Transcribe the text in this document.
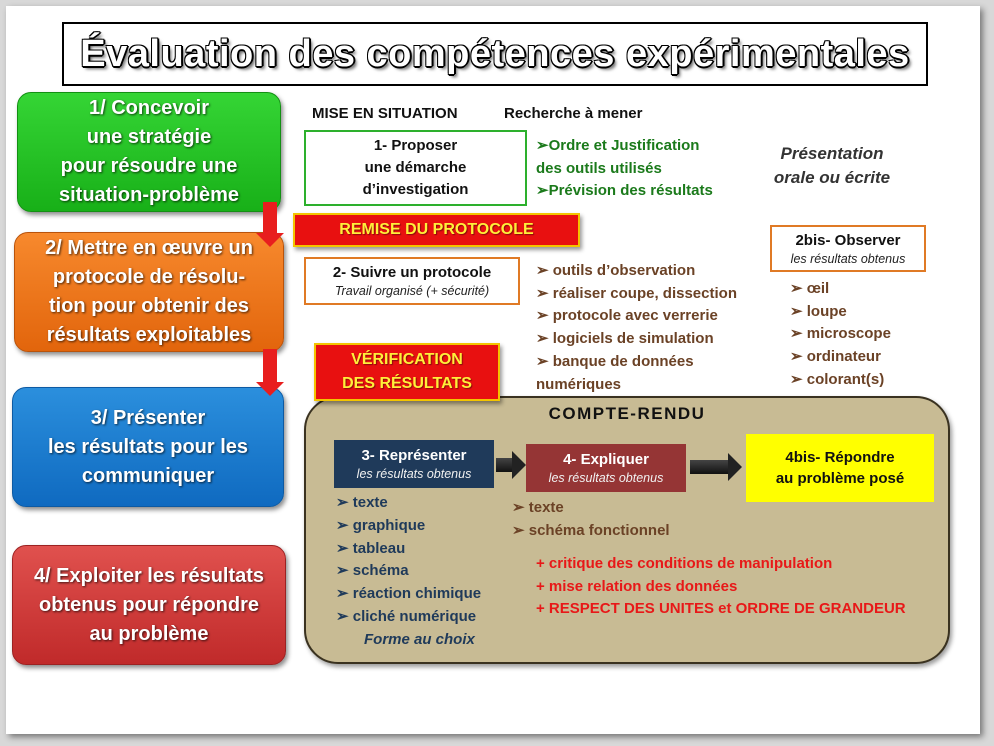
Évaluation des compétences expérimentales
1/ Concevoir
une stratégie
pour résoudre une
situation-problème
2/ Mettre en œuvre un
protocole de résolu-
tion pour obtenir des
résultats exploitables
3/ Présenter
les résultats pour les
communiquer
4/ Exploiter les résultats
obtenus pour répondre
au problème
MISE EN SITUATION	Recherche à mener
1- Proposer
une démarche
d’investigation
➢Ordre et Justification
des outils utilisés
➢Prévision des résultats
Présentation
orale ou écrite
REMISE DU PROTOCOLE
2- Suivre un protocole
Travail organisé (+ sécurité)
➢ outils d’observation
➢ réaliser coupe, dissection
➢ protocole avec verrerie
➢ logiciels de simulation
➢ banque de données
numériques
2bis- Observer
les résultats obtenus
➢ œil
➢ loupe
➢ microscope
➢ ordinateur
➢ colorant(s)
COMPTE-RENDU
3- Représenter
les résultats obtenus
4- Expliquer
les résultats obtenus
4bis- Répondre
au problème posé
➢ texte
➢ graphique
➢ tableau
➢ schéma
➢ réaction chimique
➢ cliché numérique
Forme au choix
➢ texte
➢ schéma fonctionnel
+ critique des conditions de manipulation
+ mise relation des données
+ RESPECT DES UNITES et ORDRE DE GRANDEUR
VÉRIFICATION
DES RÉSULTATS
